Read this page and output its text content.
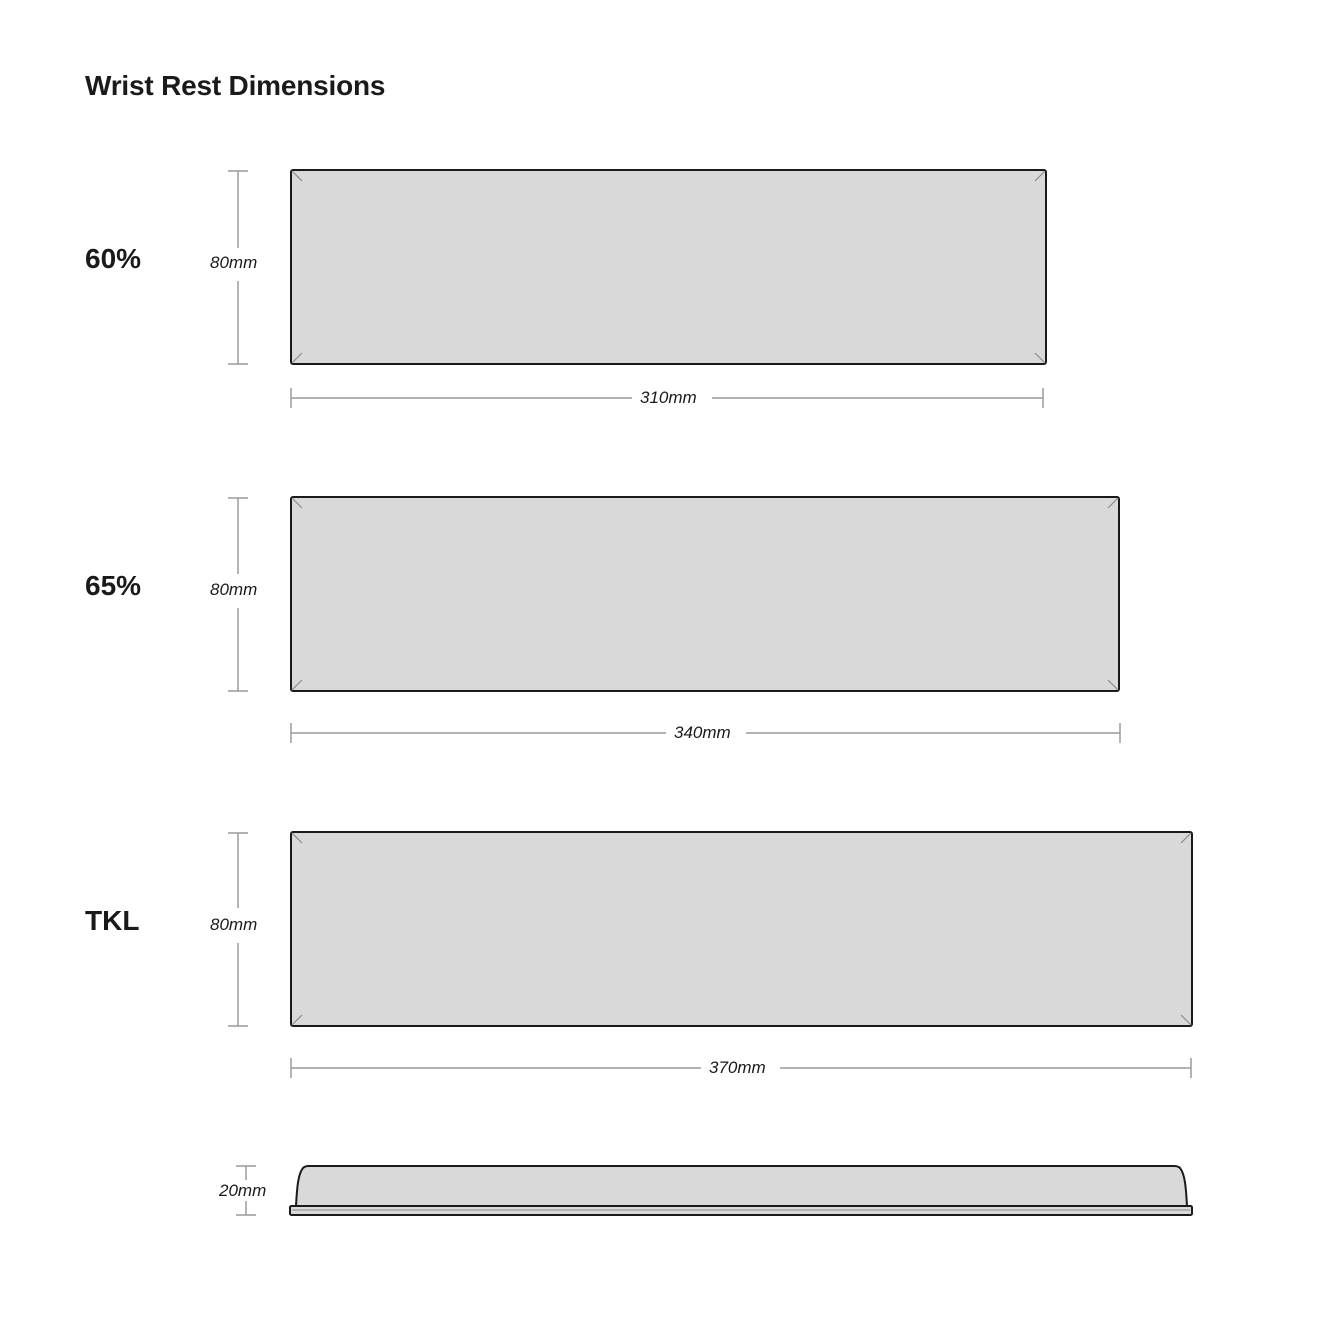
Wrist Rest Dimensions
60%
65%
TKL
80mm
80mm
80mm
20mm
310mm
340mm
370mm
